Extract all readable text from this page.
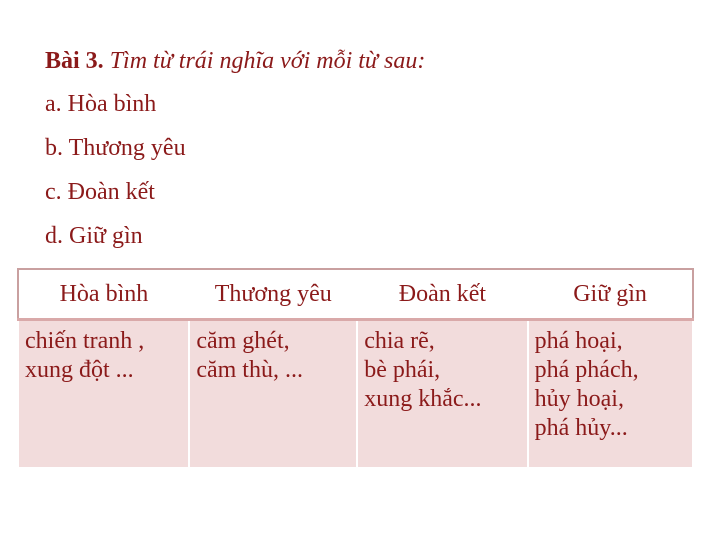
Bài 3. Tìm từ trái nghĩa với mỗi từ sau:
a. Hòa bình
b. Thương yêu
c. Đoàn kết
d. Giữ gìn
Hòa bình	Thương yêu	Đoàn kết	Giữ gìn

chiến tranh ,
xung đột ...	căm ghét,
căm thù, ...	chia rẽ,
bè phái,
xung khắc...	phá hoại,
phá phách,
hủy hoại,
phá hủy...
